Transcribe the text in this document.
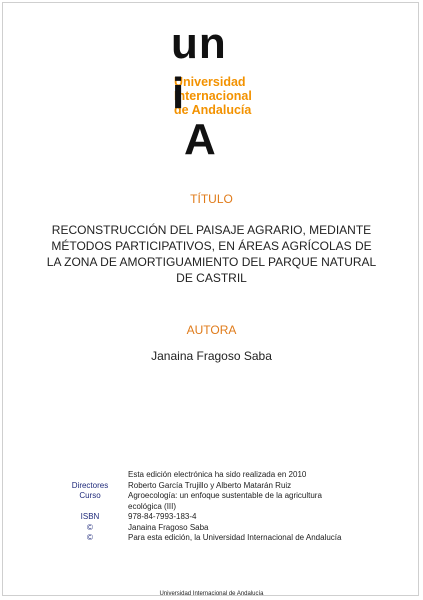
un
Universidad
Internacional
de Andalucía
i
A
TÍTULO
RECONSTRUCCIÓN DEL PAISAJE AGRARIO, MEDIANTE
MÉTODOS PARTICIPATIVOS, EN ÁREAS AGRÍCOLAS DE
LA ZONA DE AMORTIGUAMIENTO DEL PARQUE NATURAL
DE CASTRIL
AUTORA
Janaina Fragoso Saba
Esta edición electrónica ha sido realizada en 2010
Directores	Roberto García Trujillo y Alberto Matarán Ruiz
Curso	Agroecología: un enfoque sustentable de la agricultura
ecológica (III)
ISBN	978-84-7993-183-4
©	Janaina Fragoso Saba
©	Para esta edición, la Universidad Internacional de Andalucía
Universidad Internacional de Andalucía
